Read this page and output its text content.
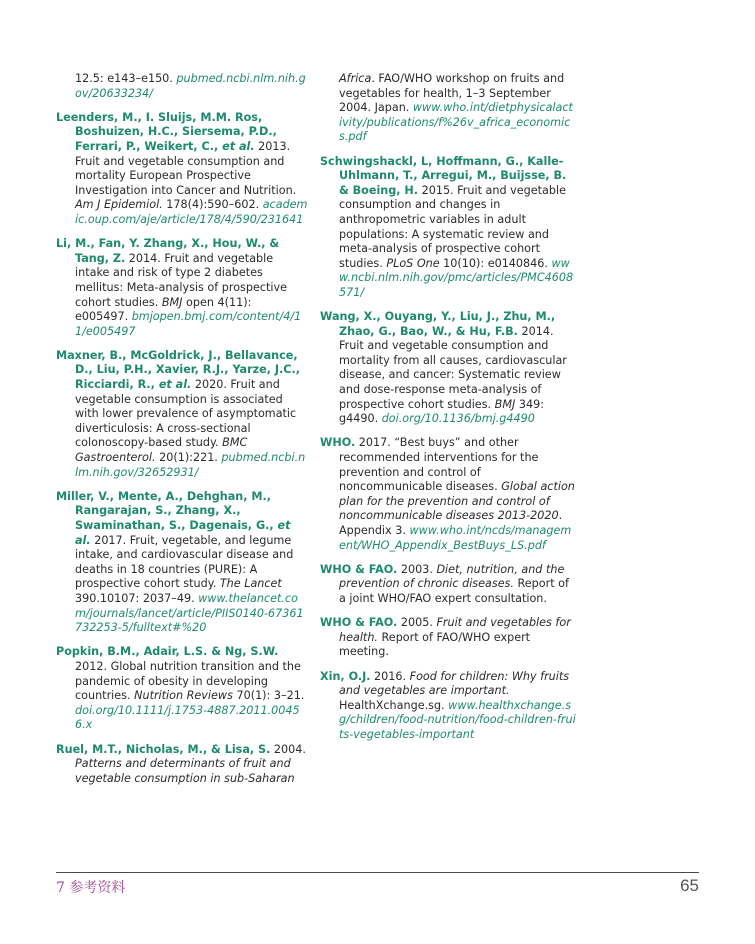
12.5: e143–e150. pubmed.ncbi.nlm.nih.gov/20633234/

Leenders, M., I. Sluijs, M.M. Ros, Boshuizen, H.C., Siersema, P.D., Ferrari, P., Weikert, C., et al. 2013. Fruit and vegetable consumption and mortality European Prospective Investigation into Cancer and Nutrition. Am J Epidemiol. 178(4):590–602. academic.oup.com/aje/article/178/4/590/231641

Li, M., Fan, Y. Zhang, X., Hou, W., & Tang, Z. 2014. Fruit and vegetable intake and risk of type 2 diabetes mellitus: Meta-analysis of prospective cohort studies. BMJ open 4(11): e005497. bmjopen.bmj.com/content/4/11/e005497

Maxner, B., McGoldrick, J., Bellavance, D., Liu, P.H., Xavier, R.J., Yarze, J.C., Ricciardi, R., et al. 2020. Fruit and vegetable consumption is associated with lower prevalence of asymptomatic diverticulosis: A cross-sectional colonoscopy-based study. BMC Gastroenterol. 20(1):221. pubmed.ncbi.nlm.nih.gov/32652931/

Miller, V., Mente, A., Dehghan, M., Rangarajan, S., Zhang, X., Swaminathan, S., Dagenais, G., et al. 2017. Fruit, vegetable, and legume intake, and cardiovascular disease and deaths in 18 countries (PURE): A prospective cohort study. The Lancet 390.10107: 2037–49. www.thelancet.com/journals/lancet/article/PIIS0140-67361732253-5/fulltext#%20

Popkin, B.M., Adair, L.S. & Ng, S.W. 2012. Global nutrition transition and the pandemic of obesity in developing countries. Nutrition Reviews 70(1): 3–21. doi.org/10.1111/j.1753-4887.2011.00456.x

Ruel, M.T., Nicholas, M., & Lisa, S. 2004. Patterns and determinants of fruit and vegetable consumption in sub-Saharan

Africa. FAO/WHO workshop on fruits and vegetables for health, 1–3 September 2004. Japan. www.who.int/dietphysicalactivity/publications/f%26v_africa_economics.pdf

Schwingshackl, L, Hoffmann, G., Kalle-Uhlmann, T., Arregui, M., Buijsse, B. & Boeing, H. 2015. Fruit and vegetable consumption and changes in anthropometric variables in adult populations: A systematic review and meta-analysis of prospective cohort studies. PLoS One 10(10): e0140846. www.ncbi.nlm.nih.gov/pmc/articles/PMC4608571/

Wang, X., Ouyang, Y., Liu, J., Zhu, M., Zhao, G., Bao, W., & Hu, F.B. 2014. Fruit and vegetable consumption and mortality from all causes, cardiovascular disease, and cancer: Systematic review and dose-response meta-analysis of prospective cohort studies. BMJ 349: g4490. doi.org/10.1136/bmj.g4490

WHO. 2017. “Best buys” and other recommended interventions for the prevention and control of noncommunicable diseases. Global action plan for the prevention and control of noncommunicable diseases 2013-2020. Appendix 3. www.who.int/ncds/management/WHO_Appendix_BestBuys_LS.pdf

WHO & FAO. 2003. Diet, nutrition, and the prevention of chronic diseases. Report of a joint WHO/FAO expert consultation.

WHO & FAO. 2005. Fruit and vegetables for health. Report of FAO/WHO expert meeting.

Xin, O.J. 2016. Food for children: Why fruits and vegetables are important. HealthXchange.sg. www.healthxchange.sg/children/food-nutrition/food-children-fruits-vegetables-important

7 参考资料	65
